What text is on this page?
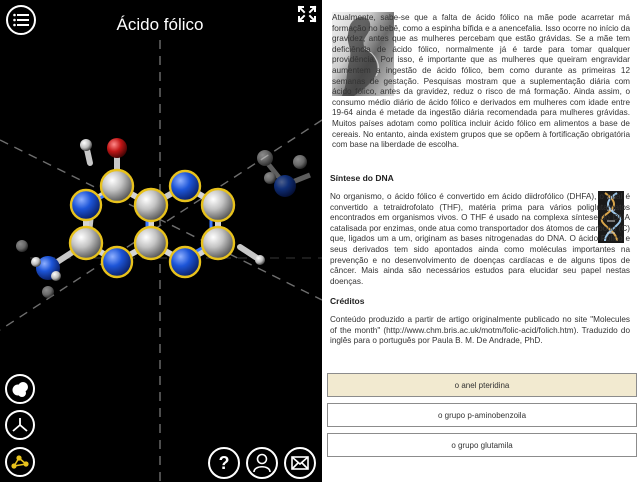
Ácido fólico
?

Atualmente, sabe-se que a falta de ácido fólico na mãe pode acarretar má formação no bebê, como a espinha bífida e a anencefalia. Isso ocorre no início da gravidez, antes que as mulheres percebam que estão grávidas. Se a mãe tem deficiência de ácido fólico, normalmente já é tarde para tomar qualquer providência. Por isso, é importante que as mulheres que queiram engravidar aumentem a ingestão de ácido fólico, bem como durante as primeiras 12 semanas de gestação. Pesquisas mostram que a suplementação diária com ácido fólico, antes da gravidez, reduz o risco de má formação. Ainda assim, o consumo médio diário de ácido fólico e derivados em mulheres com idade entre 19-64 ainda é metade da ingestão diária recomendada para mulheres grávidas. Muitos países adotam como política incluir ácido fólico em alimentos a base de cereais. No entanto, ainda existem grupos que se opõem à fortificação obrigatória com base na liberdade de escolha.

Síntese do DNA

No organismo, o ácido fólico é convertido em ácido diidrofólico (DHFA), o qual é convertido a tetraidrofolato (THF), matéria prima para vários poliglutamatos encontrados em organismos vivos. O THF é usado na complexa síntese do DNA catalisada por enzimas, onde atua como transportador dos átomos de carbono (C) que, ligados um a um, originam as bases nitrogenadas do DNA. O ácido Fólico e seus derivados tem sido apontados ainda como moléculas importantes na prevenção e no desenvolvimento de doenças cardíacas e de alguns tipos de câncer. Mais ainda são necessários estudos para elucidar seu papel nestas doenças.

Créditos

Conteúdo produzido a partir de artigo originalmente publicado no site "Molecules of the month" (http://www.chm.bris.ac.uk/motm/folic-acid/folich.htm). Traduzido do inglês para o português por Paula B. M. De Andrade, PhD.

o anel pteridina
o grupo p-aminobenzoila
o grupo glutamila
